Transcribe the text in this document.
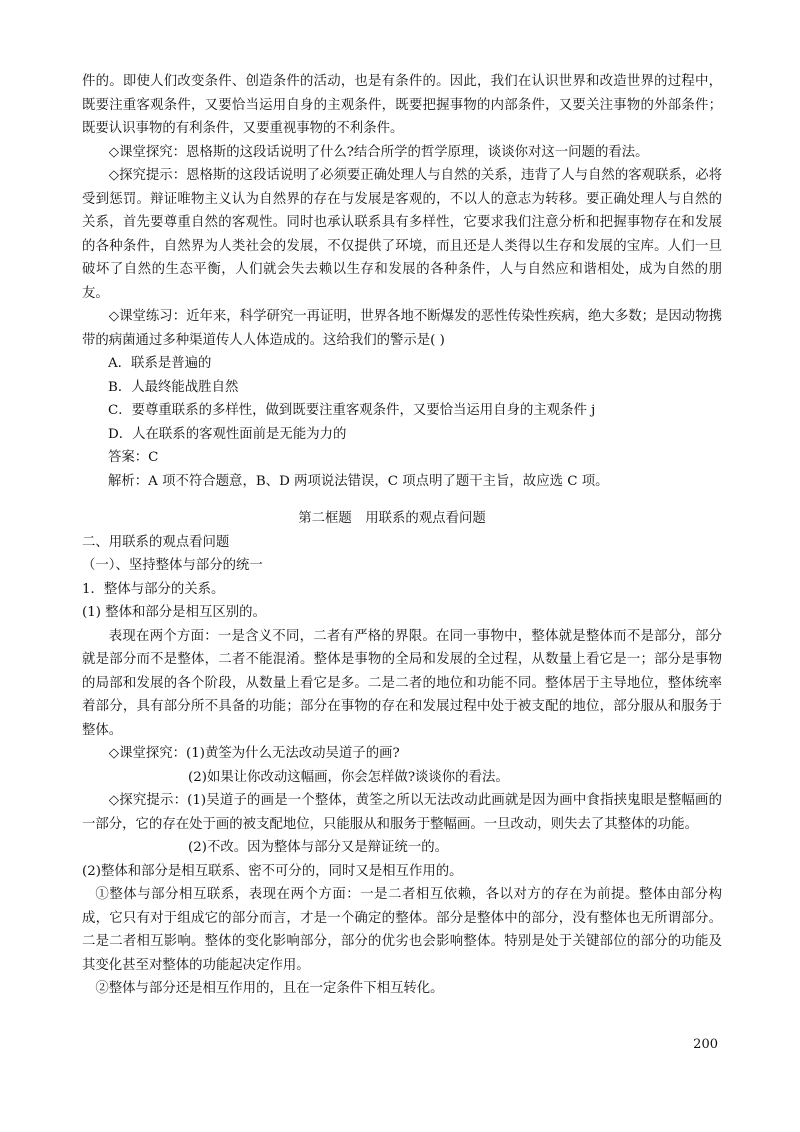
件的。即使人们改变条件、创造条件的活动，也是有条件的。因此，我们在认识世界和改造世界的过程中，既要注重客观条件，又要恰当运用自身的主观条件，既要把握事物的内部条件，又要关注事物的外部条件；既要认识事物的有利条件，又要重视事物的不利条件。

◇课堂探究：恩格斯的这段话说明了什么?结合所学的哲学原理，谈谈你对这一问题的看法。

◇探究提示：恩格斯的这段话说明了必须要正确处理人与自然的关系，违背了人与自然的客观联系，必将受到惩罚。辩证唯物主义认为自然界的存在与发展是客观的，不以人的意志为转移。要正确处理人与自然的关系，首先要尊重自然的客观性。同时也承认联系具有多样性，它要求我们注意分析和把握事物存在和发展的各种条件，自然界为人类社会的发展，不仅提供了环境，而且还是人类得以生存和发展的宝库。人们一旦破坏了自然的生态平衡，人们就会失去赖以生存和发展的各种条件，人与自然应和谐相处，成为自然的朋友。

◇课堂练习：近年来，科学研究一再证明，世界各地不断爆发的恶性传染性疾病，绝大多数；是因动物携带的病菌通过多种渠道传人人体造成的。这给我们的警示是( )

A．联系是普遍的

B．人最终能战胜自然

C．要尊重联系的多样性，做到既要注重客观条件，又要恰当运用自身的主观条件 j

D．人在联系的客观性面前是无能为力的

答案：C

解析：A 项不符合题意，B、D 两项说法错误，C 项点明了题干主旨，故应选 C 项。

第二框题　用联系的观点看问题

二、用联系的观点看问题

（一）、坚持整体与部分的统一

1．整体与部分的关系。

(1) 整体和部分是相互区别的。

表现在两个方面：一是含义不同，二者有严格的界限。在同一事物中，整体就是整体而不是部分，部分就是部分而不是整体，二者不能混淆。整体是事物的全局和发展的全过程，从数量上看它是一；部分是事物的局部和发展的各个阶段，从数量上看它是多。二是二者的地位和功能不同。整体居于主导地位，整体统率着部分，具有部分所不具备的功能；部分在事物的存在和发展过程中处于被支配的地位，部分服从和服务于整体。

◇课堂探究：(1)黄筌为什么无法改动吴道子的画?

(2)如果让你改动这幅画，你会怎样做?谈谈你的看法。

◇探究提示：(1)吴道子的画是一个整体，黄筌之所以无法改动此画就是因为画中食指挟鬼眼是整幅画的一部分，它的存在处于画的被支配地位，只能服从和服务于整幅画。一旦改动，则失去了其整体的功能。

(2)不改。因为整体与部分又是辩证统一的。

(2)整体和部分是相互联系、密不可分的，同时又是相互作用的。

①整体与部分相互联系，表现在两个方面：一是二者相互依赖，各以对方的存在为前提。整体由部分构成，它只有对于组成它的部分而言，才是一个确定的整体。部分是整体中的部分，没有整体也无所谓部分。二是二者相互影响。整体的变化影响部分，部分的优劣也会影响整体。特别是处于关键部位的部分的功能及其变化甚至对整体的功能起决定作用。

②整体与部分还是相互作用的，且在一定条件下相互转化。

200
